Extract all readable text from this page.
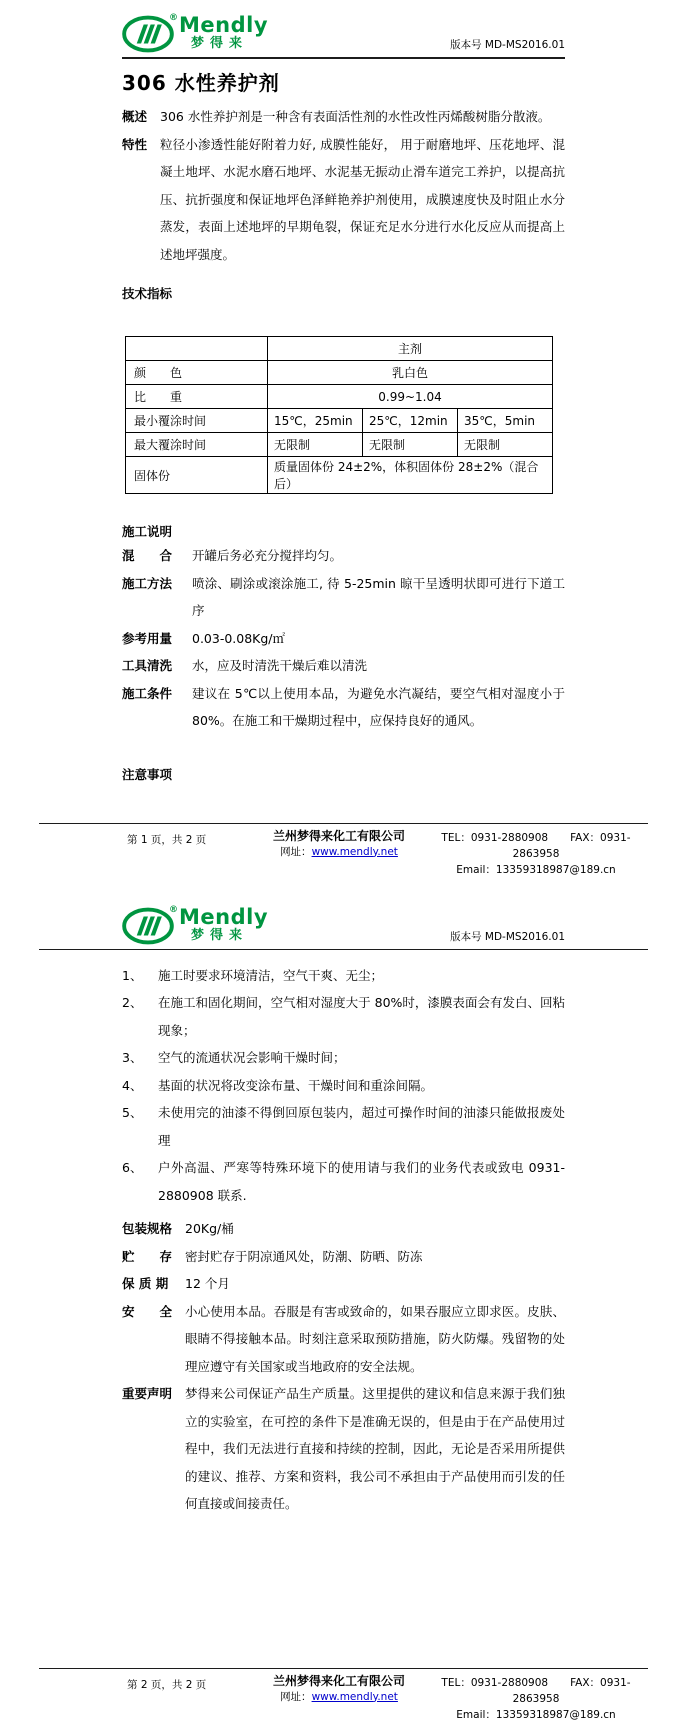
® Mendly
梦得来	版本号 MD-MS2016.01
306 水性养护剂
概述	306 水性养护剂是一种含有表面活性剂的水性改性丙烯酸树脂分散液。
特性	粒径小渗透性能好附着力好, 成膜性能好， 用于耐磨地坪、压花地坪、混凝土地坪、水泥水磨石地坪、水泥基无振动止滑车道完工养护，以提高抗压、抗折强度和保证地坪色泽鲜艳养护剂使用，成膜速度快及时阻止水分蒸发，表面上述地坪的早期龟裂，保证充足水分进行水化反应从而提高上述地坪强度。
技术指标
	主剂		
颜　　色	乳白色		
比　　重	0.99~1.04		
最小覆涂时间	15℃，25min	25℃，12min	35℃，5min
最大覆涂时间	无限制	无限制	无限制
固体份	质量固体份 24±2%，体积固体份 28±2%（混合后）		
施工说明
混　　合	开罐后务必充分搅拌均匀。
施工方法	喷涂、刷涂或滚涂施工, 待 5-25min 晾干呈透明状即可进行下道工序
参考用量	0.03-0.08Kg/㎡
工具清洗	水，应及时清洗干燥后难以清洗
施工条件	建议在 5℃以上使用本品，为避免水汽凝结，要空气相对湿度小于 80%。在施工和干燥期过程中，应保持良好的通风。
注意事项
第 1 页，共 2 页	兰州梦得来化工有限公司
网址：www.mendly.net
TEL：0931-2880908 FAX：0931-2863958
Email：13359318987@189.cn
® Mendly
梦得来	版本号 MD-MS2016.01
1、	施工时要求环境清洁，空气干爽、无尘；
2、	在施工和固化期间，空气相对湿度大于 80%时，漆膜表面会有发白、回粘现象；
3、	空气的流通状况会影响干燥时间；
4、	基面的状况将改变涂布量、干燥时间和重涂间隔。
5、	未使用完的油漆不得倒回原包装内，超过可操作时间的油漆只能做报废处理
6、	户外高温、严寒等特殊环境下的使用请与我们的业务代表或致电 0931-2880908 联系.
包装规格	20Kg/桶
贮　　存	密封贮存于阴凉通风处，防潮、防晒、防冻
保 质 期	12 个月
安　　全	小心使用本品。吞服是有害或致命的，如果吞服应立即求医。皮肤、眼睛不得接触本品。时刻注意采取预防措施，防火防爆。残留物的处理应遵守有关国家或当地政府的安全法规。
重要声明	梦得来公司保证产品生产质量。这里提供的建议和信息来源于我们独立的实验室，在可控的条件下是准确无误的，但是由于在产品使用过程中，我们无法进行直接和持续的控制，因此，无论是否采用所提供的建议、推荐、方案和资料，我公司不承担由于产品使用而引发的任何直接或间接责任。
第 2 页，共 2 页	兰州梦得来化工有限公司
网址：www.mendly.net
TEL：0931-2880908 FAX：0931-2863958
Email：13359318987@189.cn
